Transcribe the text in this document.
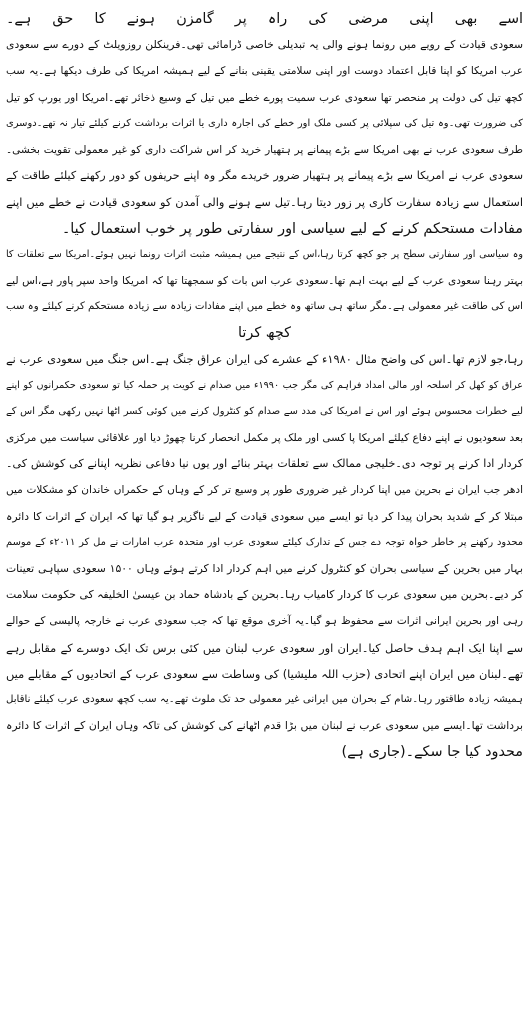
اسے بھی اپنی مرضی کی راہ پر گامزن ہونے کا حق ہے۔
سعودی قیادت کے رویے میں رونما ہونے والی یہ تبدیلی خاصی ڈرامائی تھی۔فرینکلن روزویلٹ کے دورے سے سعودی
عرب امریکا کو اپنا قابل اعتماد دوست اور اپنی سلامتی یقینی بنانے کے لیے ہمیشہ امریکا کی طرف دیکھا ہے۔یہ سب
کچھ تیل کی دولت پر منحصر تھا سعودی عرب سمیت پورے خطے میں تیل کے وسیع ذخائر تھے۔امریکا اور یورپ کو تیل
کی ضرورت تھی۔وہ تیل کی سپلائی پر کسی ملک اور خطے کی اجارہ داری یا اثرات برداشت کرنے کیلئے تیار نہ تھے۔دوسری
طرف سعودی عرب نے بھی امریکا سے بڑے پیمانے پر ہتھیار خرید کر اس شراکت داری کو غیر معمولی تقویت بخشی۔
سعودی عرب نے امریکا سے بڑے پیمانے پر ہتھیار ضرور خریدے مگر وہ اپنے حریفوں کو دور رکھنے کیلئے طاقت کے
استعمال سے زیادہ سفارت کاری پر زور دیتا رہا۔تیل سے ہونے والی آمدن کو سعودی قیادت نے خطے میں اپنے
مفادات مستحکم کرنے کے لیے سیاسی اور سفارتی طور پر خوب استعمال کیا۔
وہ سیاسی اور سفارتی سطح پر جو کچھ کرتا رہا،اس کے نتیجے میں ہمیشہ مثبت اثرات رونما نہیں ہوئے۔امریکا سے تعلقات کا
بہتر رہنا سعودی عرب کے لیے بہت اہم تھا۔سعودی عرب اس بات کو سمجھتا تھا کہ امریکا واحد سپر پاور ہے،اس لیے
اس کی طاقت غیر معمولی ہے۔مگر ساتھ ہی ساتھ وہ خطے میں اپنے مفادات زیادہ سے زیادہ مستحکم کرنے کیلئے وہ سب
کچھ کرتا
رہا،جو لازم تھا۔اس کی واضح مثال ۱۹۸۰ء کے عشرے کی ایران عراق جنگ ہے۔اس جنگ میں سعودی عرب نے
عراق کو کھل کر اسلحہ اور مالی امداد فراہم کی مگر جب ۱۹۹۰ء میں صدام نے کویت پر حملہ کیا تو سعودی حکمرانوں کو اپنے
لیے خطرات محسوس ہوئے اور اس نے امریکا کی مدد سے صدام کو کنٹرول کرنے میں کوئی کسر اٹھا نہیں رکھی مگر اس کے
بعد سعودیوں نے اپنے دفاع کیلئے امریکا پا کسی اور ملک پر مکمل انحصار کرنا چھوڑ دیا اور علاقائی سیاست میں مرکزی
کردار ادا کرنے پر توجہ دی۔خلیجی ممالک سے تعلقات بہتر بنائے اور یوں نیا دفاعی نظریہ اپنانے کی کوشش کی۔
ادھر جب ایران نے بحرین میں اپنا کردار غیر ضروری طور پر وسیع تر کر کے وہاں کے حکمراں خاندان کو مشکلات میں
مبتلا کر کے شدید بحران پیدا کر دیا تو ایسے میں سعودی قیادت کے لیے ناگزیر ہو گیا تھا کہ ایران کے اثرات کا دائرہ
محدود رکھنے پر خاطر خواہ توجہ دے جس کے تدارک کیلئے سعودی عرب اور متحدہ عرب امارات نے مل کر ۲۰۱۱ء کے موسم
بہار میں بحرین کے سیاسی بحران کو کنٹرول کرنے میں اہم کردار ادا کرتے ہوئے وہاں ۱۵۰۰ سعودی سپاہی تعینات
کر دیے۔بحرین میں سعودی عرب کا کردار کامیاب رہا۔بحرین کے بادشاہ حماد بن عیسیٰ الخلیفہ کی حکومت سلامت
رہی اور بحرین ایرانی اثرات سے محفوظ ہو گیا۔یہ آخری موقع تھا کہ جب سعودی عرب نے خارجہ پالیسی کے حوالے
سے اپنا ایک اہم ہدف حاصل کیا۔ایران اور سعودی عرب لبنان میں کئی برس تک ایک دوسرے کے مقابل رہے
تھے۔لبنان میں ایران اپنے اتحادی (حزب اللہ ملیشیا) کی وساطت سے سعودی عرب کے اتحادیوں کے مقابلے میں
ہمیشہ زیادہ طاقتور رہا۔شام کے بحران میں ایرانی غیر معمولی حد تک ملوث تھے۔یہ سب کچھ سعودی عرب کیلئے ناقابل
برداشت تھا۔ایسے میں سعودی عرب نے لبنان میں بڑا قدم اٹھانے کی کوشش کی تاکہ وہاں ایران کے اثرات کا دائرہ
محدود کیا جا سکے۔(جاری ہے)
